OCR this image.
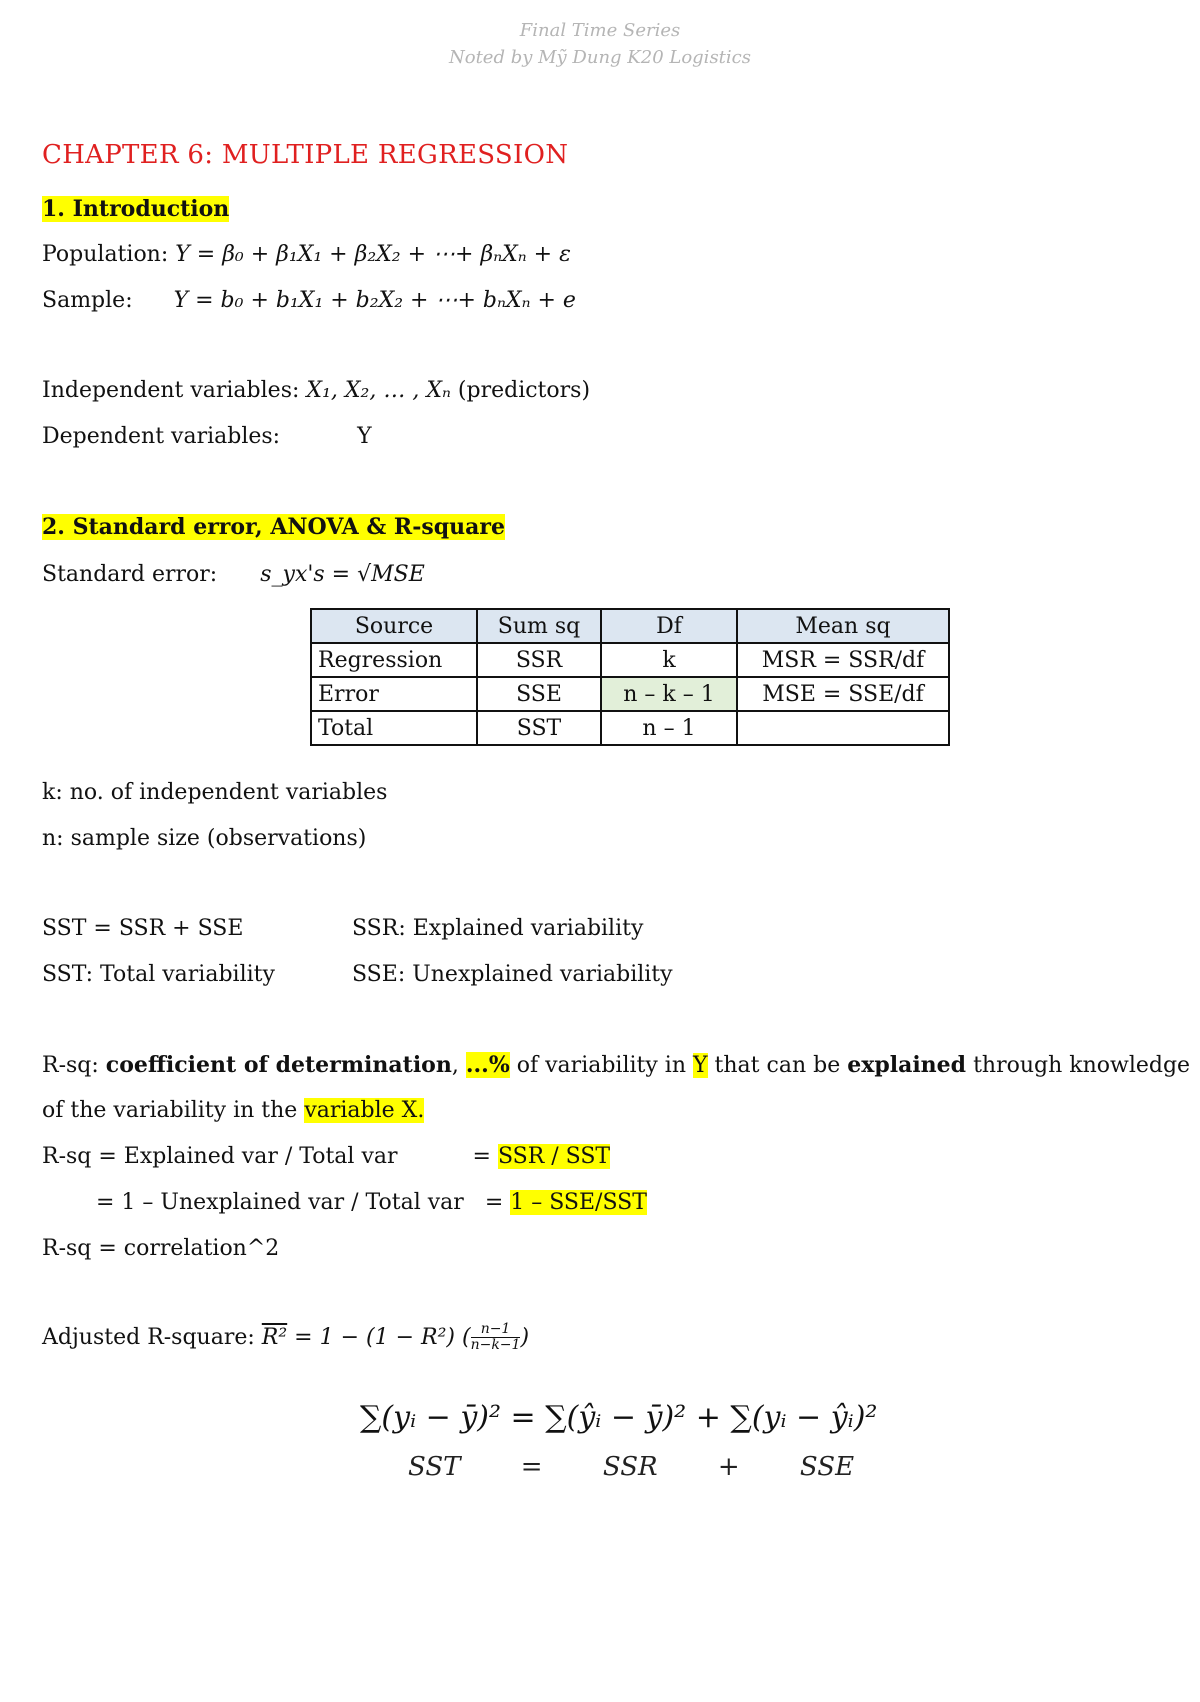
Final Time Series
Noted by Mỹ Dung K20 Logistics
CHAPTER 6: MULTIPLE REGRESSION
1. Introduction
Population: Y = β₀ + β₁X₁ + β₂X₂ + ⋯+ βₙXₙ + ε
Sample: Y = b₀ + b₁X₁ + b₂X₂ + ⋯+ bₙXₙ + e
Independent variables: X₁, X₂, … , Xₙ (predictors)
Dependent variables:	Y
2. Standard error, ANOVA & R-square
Standard error: s_yx's = √MSE
Source	Sum sq	Df	Mean sq
Regression	SSR	k	MSR = SSR/df
Error	SSE	n – k – 1	MSE = SSE/df
Total	SST	n – 1	
k: no. of independent variables
n: sample size (observations)
SST = SSR + SSE	SSR: Explained variability
SST: Total variability	SSE: Unexplained variability
R-sq: coefficient of determination, ...% of variability in Y that can be explained through knowledge
of the variability in the variable X.
R-sq = Explained var / Total var	= SSR / SST
= 1 – Unexplained var / Total var = 1 – SSE/SST
R-sq = correlation^2
Adjusted R-square: R² = 1 − (1 − R²) ( $\frac{n-1}{n-k-1}$ )
∑(yᵢ − ȳ)² = ∑(ŷᵢ − ȳ)² + ∑(yᵢ − ŷᵢ)²
SST = SSR + SSE
